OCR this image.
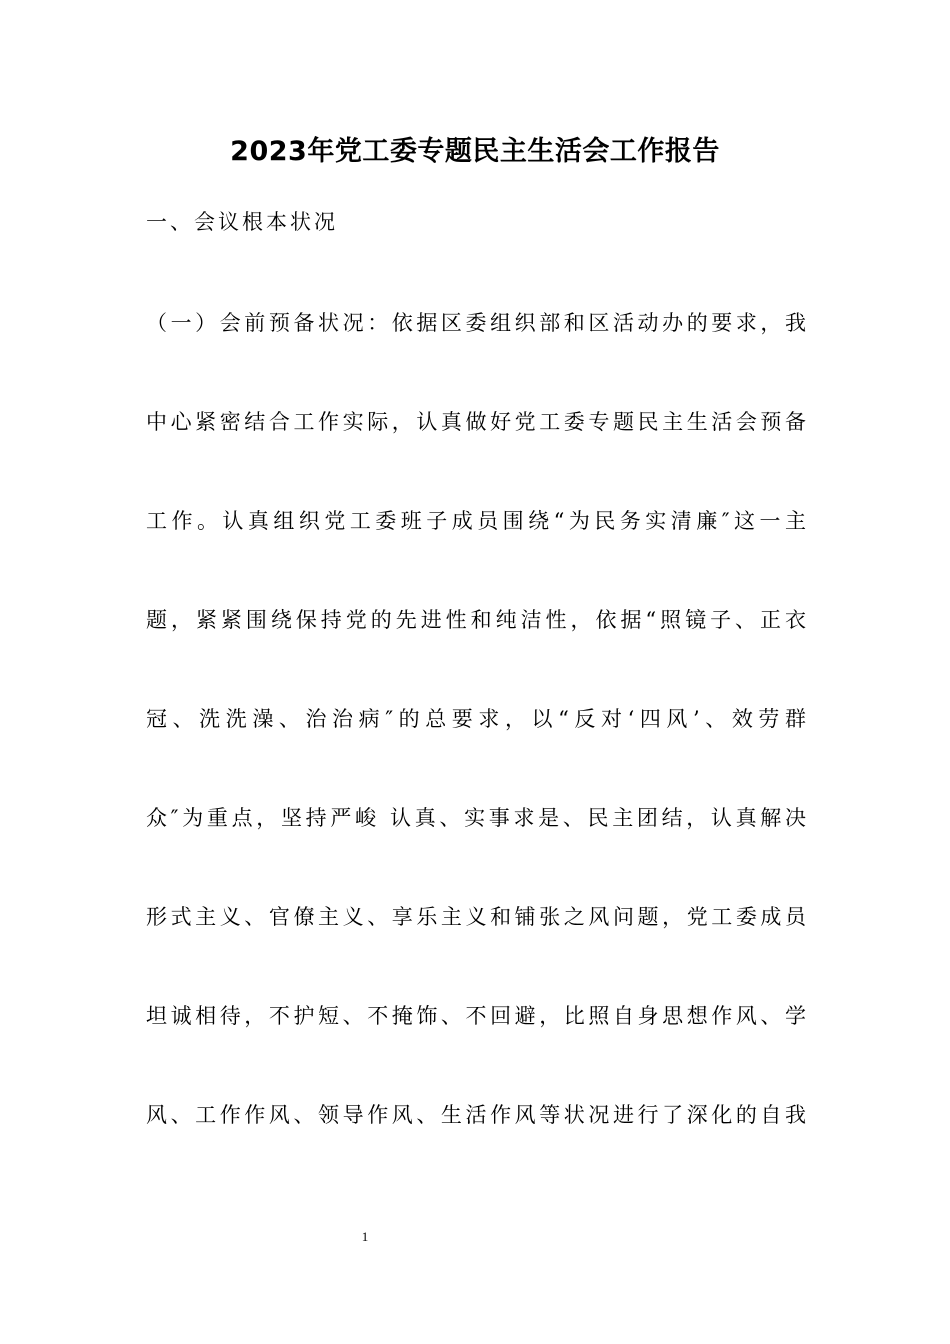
2023年党工委专题民主生活会工作报告
一、会议根本状况
（一）会前预备状况：依据区委组织部和区活动办的要求，我
中心紧密结合工作实际，认真做好党工委专题民主生活会预备
工作。认真组织党工委班子成员围绕“为民务实清廉″这一主
题，紧紧围绕保持党的先进性和纯洁性，依据“照镜子、正衣
冠、洗洗澡、治治病″的总要求，以“反对‘四风’、效劳群
众″为重点，坚持严峻 认真、实事求是、民主团结，认真解决
形式主义、官僚主义、享乐主义和铺张之风问题，党工委成员
坦诚相待，不护短、不掩饰、不回避，比照自身思想作风、学
风、工作作风、领导作风、生活作风等状况进行了深化的自我
1
